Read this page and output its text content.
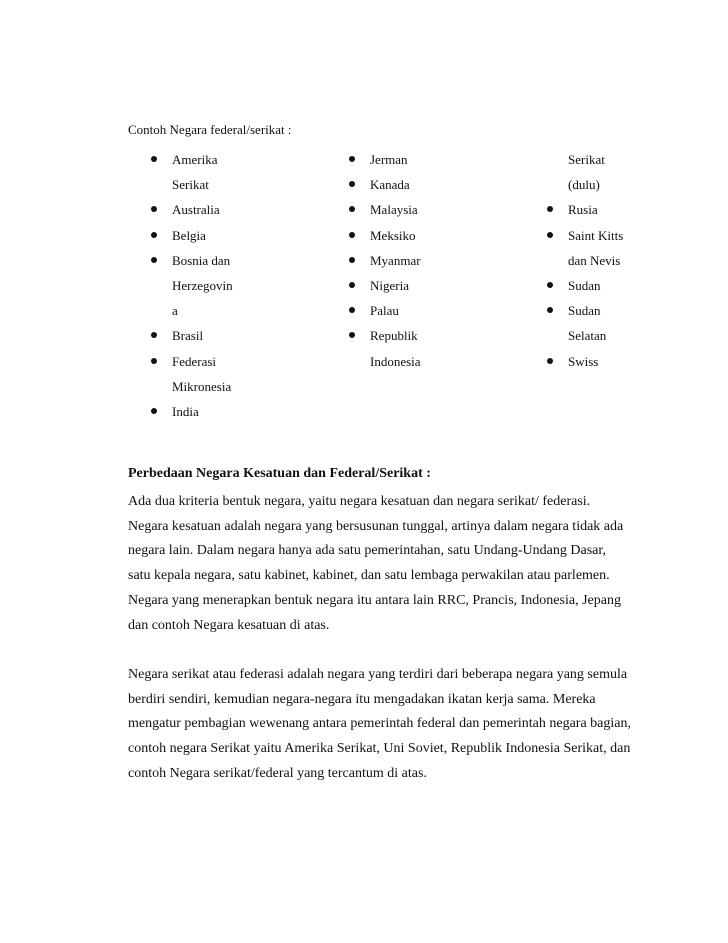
Contoh Negara federal/serikat :
Amerika
Serikat
Australia
Belgia
Bosnia dan
Herzegovin
a
Brasil
Federasi
Mikronesia
India
Jerman
Kanada
Malaysia
Meksiko
Myanmar
Nigeria
Palau
Republik
Indonesia
Serikat
(dulu)
Rusia
Saint Kitts
dan Nevis
Sudan
Sudan
Selatan
Swiss
Perbedaan Negara Kesatuan dan Federal/Serikat :

Ada dua kriteria bentuk negara, yaitu negara kesatuan dan negara serikat/ federasi.
Negara kesatuan adalah negara yang bersusunan tunggal, artinya dalam negara tidak ada
negara lain. Dalam negara hanya ada satu pemerintahan, satu Undang-Undang Dasar,
satu kepala negara, satu kabinet, kabinet, dan satu lembaga perwakilan atau parlemen.
Negara yang menerapkan bentuk negara itu antara lain RRC, Prancis, Indonesia, Jepang
dan contoh Negara kesatuan di atas.

Negara serikat atau federasi adalah negara yang terdiri dari beberapa negara yang semula
berdiri sendiri, kemudian negara-negara itu mengadakan ikatan kerja sama. Mereka
mengatur pembagian wewenang antara pemerintah federal dan pemerintah negara bagian,
contoh negara Serikat yaitu Amerika Serikat, Uni Soviet, Republik Indonesia Serikat, dan
contoh Negara serikat/federal yang tercantum di atas.
